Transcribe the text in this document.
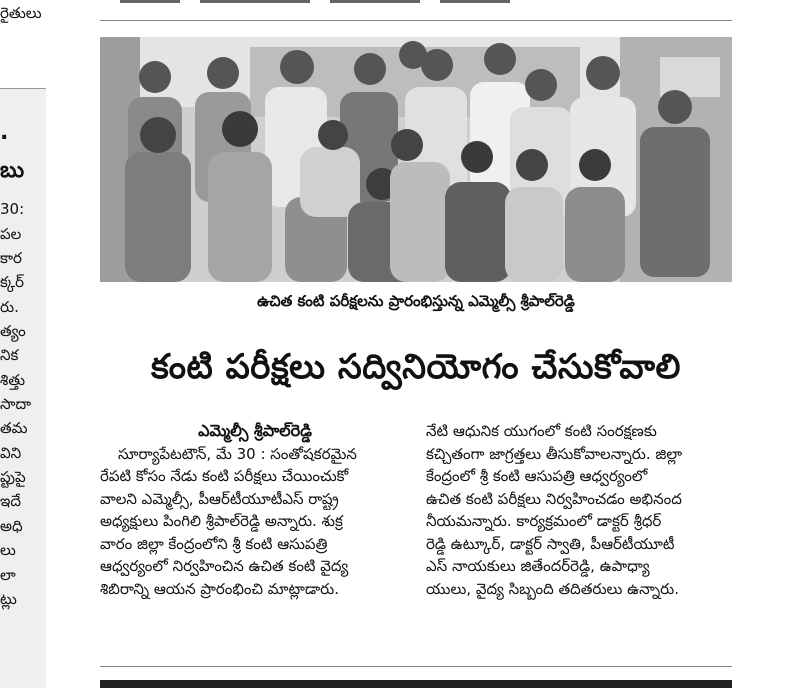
రైతులు
.
బు
30:
పల
కార
క్కర్
రు.
త్యం
నిక
శిత్తు
సాదా
తమ
విని
ప్టుపై
ఇదే
అధి
లు
లా
ట్లు
ఉచిత కంటి పరీక్షలను ప్రారంభిస్తున్న ఎమ్మెల్సీ శ్రీపాల్‌రెడ్డి
కంటి పరీక్షలు సద్వినియోగం చేసుకోవాలి
ఎమ్మెల్సీ శ్రీపాల్‌రెడ్డి
సూర్యాపేటటౌన్, మే 30 : సంతోషకరమైన
రేపటి కోసం నేడు కంటి పరీక్షలు చేయించుకో
వాలని ఎమ్మెల్సీ, పీఆర్‌టీయూటీఎస్ రాష్ట్ర
అధ్యక్షులు పింగిలి శ్రీపాల్‌రెడ్డి అన్నారు. శుక్ర
వారం జిల్లా కేంద్రంలోని శ్రీ కంటి ఆసుపత్రి
ఆధ్వర్యంలో నిర్వహించిన ఉచిత కంటి వైద్య
శిబిరాన్ని ఆయన ప్రారంభించి మాట్లాడారు.
నేటి ఆధునిక యుగంలో కంటి సంరక్షణకు
కచ్చితంగా జాగ్రత్తలు తీసుకోవాలన్నారు. జిల్లా
కేంద్రంలో శ్రీ కంటి ఆసుపత్రి ఆధ్వర్యంలో
ఉచిత కంటి పరీక్షలు నిర్వహించడం అభినంద
నీయమన్నారు. కార్యక్రమంలో డాక్టర్ శ్రీధర్
రెడ్డి ఉట్కూర్, డాక్టర్ స్వాతి, పీఆర్‌టీయూటీ
ఎస్ నాయకులు జితేందర్‌రెడ్డి, ఉపాధ్యా
యులు, వైద్య సిబ్బంది తదితరులు ఉన్నారు.
